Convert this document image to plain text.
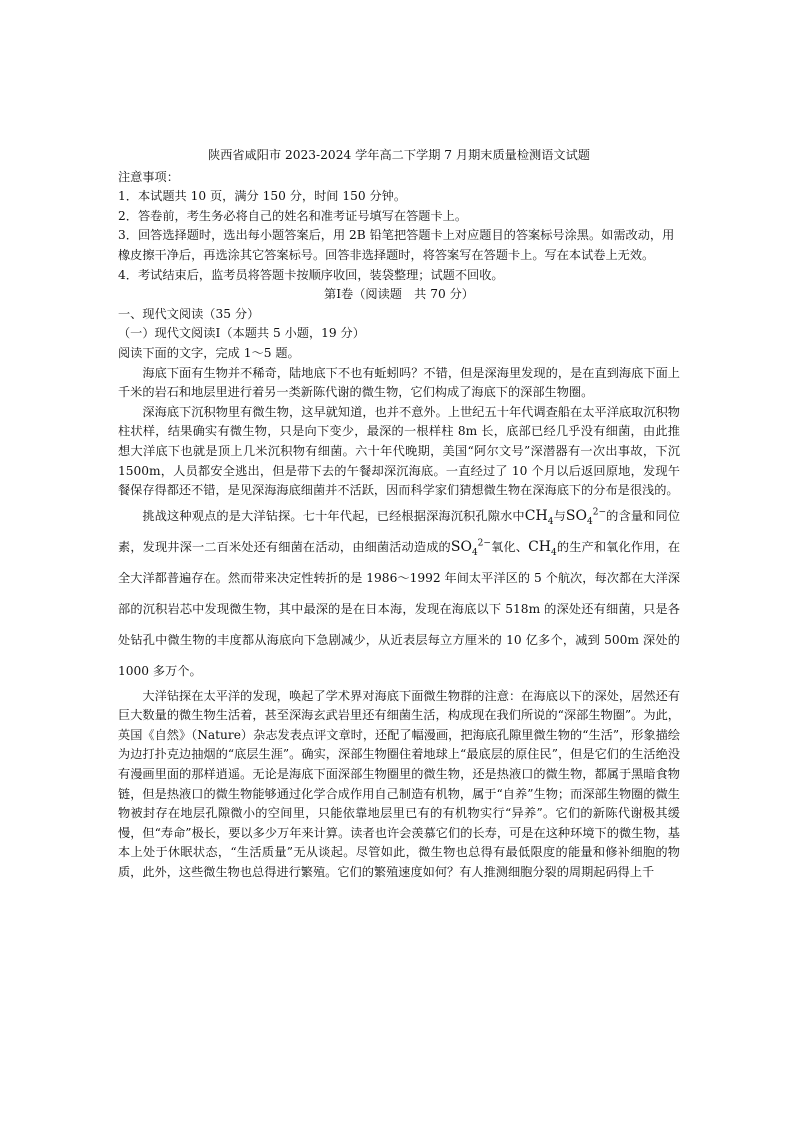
陕西省咸阳市 2023-2024 学年高二下学期 7 月期末质量检测语文试题

注意事项：

1．本试题共 10 页，满分 150 分，时间 150 分钟。

2．答卷前，考生务必将自己的姓名和准考证号填写在答题卡上。

3．回答选择题时，选出每小题答案后，用 2B 铅笔把答题卡上对应题目的答案标号涂黑。如需改动，用橡皮擦干净后，再选涂其它答案标号。回答非选择题时，将答案写在答题卡上。写在本试卷上无效。

4．考试结束后，监考员将答题卡按顺序收回，装袋整理；试题不回收。

第Ⅰ卷（阅读题　共 70 分）

一、现代文阅读（35 分）

（一）现代文阅读Ⅰ（本题共 5 小题，19 分）

阅读下面的文字，完成 1～5 题。

海底下面有生物并不稀奇，陆地底下不也有蚯蚓吗？不错，但是深海里发现的，是在直到海底下面上千米的岩石和地层里进行着另一类新陈代谢的微生物，它们构成了海底下的深部生物圈。

深海底下沉积物里有微生物，这早就知道，也并不意外。上世纪五十年代调查船在太平洋底取沉积物柱状样，结果确实有微生物，只是向下变少，最深的一根样柱 8m 长，底部已经几乎没有细菌，由此推想大洋底下也就是顶上几米沉积物有细菌。六十年代晚期，美国“阿尔文号”深潜器有一次出事故，下沉 1500m，人员都安全逃出，但是带下去的午餐却深沉海底。一直经过了 10 个月以后返回原地，发现午餐保存得都还不错，是见深海海底细菌并不活跃，因而科学家们猜想微生物在深海底下的分布是很浅的。

挑战这种观点的是大洋钻探。七十年代起，已经根据深海沉积孔隙水中$CH_4$与$SO_4^{2-}$的含量和同位素，发现井深一二百米处还有细菌在活动，由细菌活动造成的$SO_4^{2-}$氧化、$CH_4$的生产和氧化作用，在全大洋都普遍存在。然而带来决定性转折的是 1986～1992 年间太平洋区的 5 个航次，每次都在大洋深部的沉积岩芯中发现微生物，其中最深的是在日本海，发现在海底以下 518m 的深处还有细菌，只是各处钻孔中微生物的丰度都从海底向下急剧减少，从近表层每立方厘米的 10 亿多个，减到 500m 深处的 1000 多万个。

大洋钻探在太平洋的发现，唤起了学术界对海底下面微生物群的注意：在海底以下的深处，居然还有巨大数量的微生物生活着，甚至深海玄武岩里还有细菌生活，构成现在我们所说的“深部生物圈”。为此，英国《自然》（Nature）杂志发表点评文章时，还配了幅漫画，把海底孔隙里微生物的“生活”，形象描绘为边打扑克边抽烟的“底层生涯”。确实，深部生物圈住着地球上“最底层的原住民”，但是它们的生活绝没有漫画里面的那样逍遥。无论是海底下面深部生物圈里的微生物，还是热液口的微生物，都属于黑暗食物链，但是热液口的微生物能够通过化学合成作用自己制造有机物，属于“自养”生物；而深部生物圈的微生物被封存在地层孔隙微小的空间里，只能依靠地层里已有的有机物实行“异养”。它们的新陈代谢极其缓慢，但“寿命”极长，要以多少万年来计算。读者也许会羡慕它们的长寿，可是在这种环境下的微生物，基本上处于休眠状态，“生活质量”无从谈起。尽管如此，微生物也总得有最低限度的能量和修补细胞的物质，此外，这些微生物也总得进行繁殖。它们的繁殖速度如何？有人推测细胞分裂的周期起码得上千
